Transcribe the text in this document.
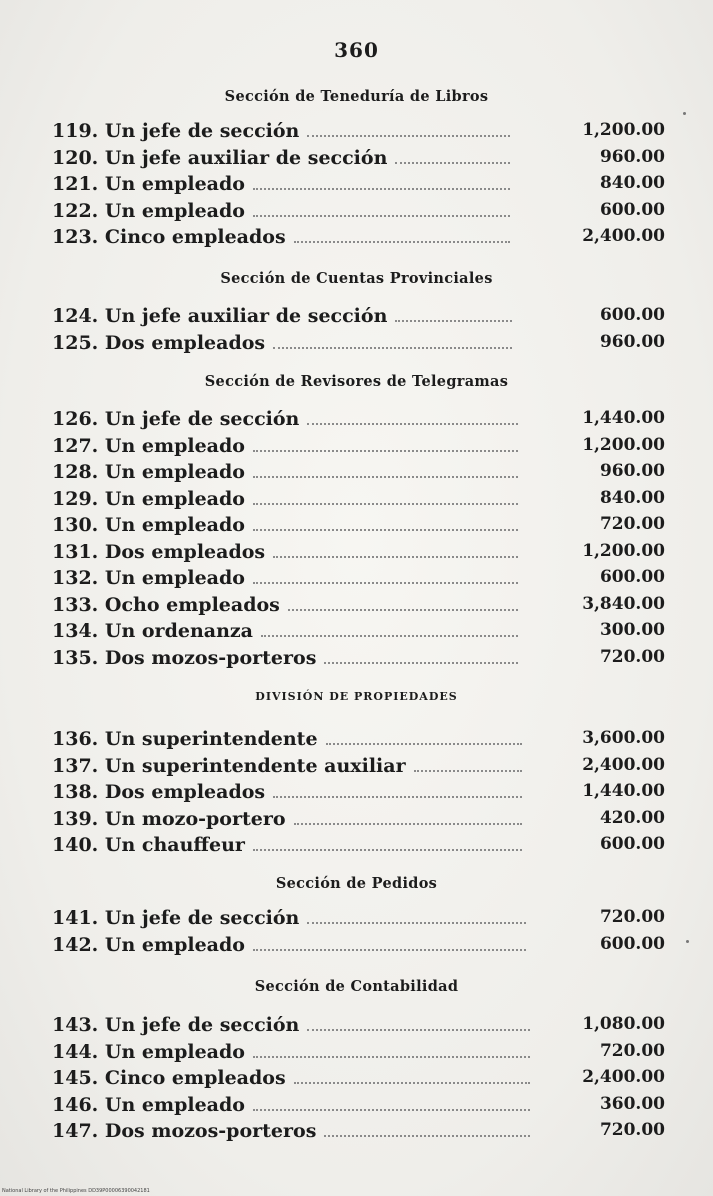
360
Sección de Teneduría de Libros
119. Un jefe de sección	1,200.00
120. Un jefe auxiliar de sección	960.00
121. Un empleado	840.00
122. Un empleado	600.00
123. Cinco empleados	2,400.00
Sección de Cuentas Provinciales
124. Un jefe auxiliar de sección	600.00
125. Dos empleados	960.00
Sección de Revisores de Telegramas
126. Un jefe de sección	1,440.00
127. Un empleado	1,200.00
128. Un empleado	960.00
129. Un empleado	840.00
130. Un empleado	720.00
131. Dos empleados	1,200.00
132. Un empleado	600.00
133. Ocho empleados	3,840.00
134. Un ordenanza	300.00
135. Dos mozos-porteros	720.00
DIVISIÓN DE PROPIEDADES
136. Un superintendente	3,600.00
137. Un superintendente auxiliar	2,400.00
138. Dos empleados	1,440.00
139. Un mozo-portero	420.00
140. Un chauffeur	600.00
Sección de Pedidos
141. Un jefe de sección	720.00
142. Un empleado	600.00
Sección de Contabilidad
143. Un jefe de sección	1,080.00
144. Un empleado	720.00
145. Cinco empleados	2,400.00
146. Un empleado	360.00
147. Dos mozos-porteros	720.00
National Library of the Philippines DD39P00006390042181
